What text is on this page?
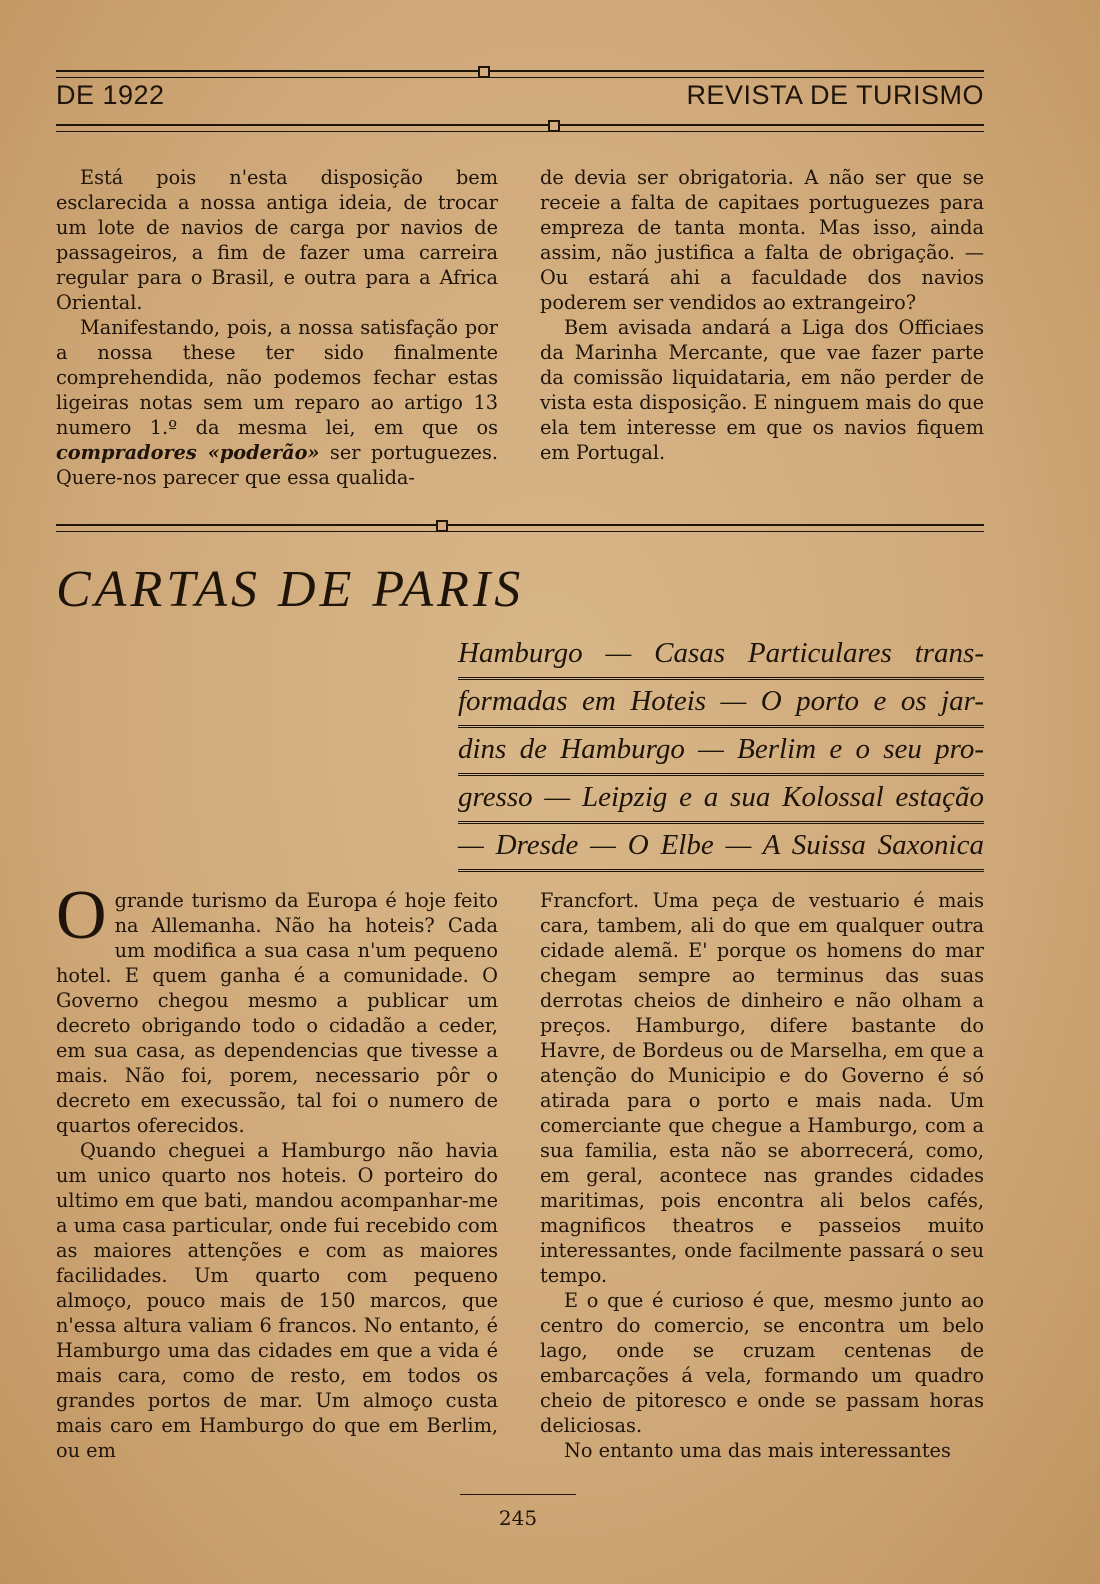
DE 1922	REVISTA DE TURISMO

Está pois n'esta disposição bem esclarecida a nossa antiga ideia, de trocar um lote de navios de carga por navios de passageiros, a fim de fazer uma carreira regular para o Brasil, e outra para a Africa Oriental.

Manifestando, pois, a nossa satisfação por a nossa these ter sido finalmente comprehendida, não podemos fechar estas ligeiras notas sem um reparo ao artigo 13 numero 1.º da mesma lei, em que os compradores «poderão» ser portuguezes. Quere-nos parecer que essa qualida-

de devia ser obrigatoria. A não ser que se receie a falta de capitaes portuguezes para empreza de tanta monta. Mas isso, ainda assim, não justifica a falta de obrigação. — Ou estará ahi a faculdade dos navios poderem ser vendidos ao extrangeiro?

Bem avisada andará a Liga dos Officiaes da Marinha Mercante, que vae fazer parte da comissão liquidataria, em não perder de vista esta disposição. E ninguem mais do que ela tem interesse em que os navios fiquem em Portugal.

CARTAS DE PARIS
Hamburgo — Casas Particulares trans-
formadas em Hoteis — O porto e os jar-
dins de Hamburgo — Berlim e o seu pro-
gresso — Leipzig e a sua Kolossal estação
— Dresde — O Elbe — A Suissa Saxonica

O grande turismo da Europa é hoje feito na Allemanha. Não ha hoteis? Cada um modifica a sua casa n'um pequeno hotel. E quem ganha é a comunidade. O Governo chegou mesmo a publicar um decreto obrigando todo o cidadão a ceder, em sua casa, as dependencias que tivesse a mais. Não foi, porem, necessario pôr o decreto em execussão, tal foi o numero de quartos oferecidos.

Quando cheguei a Hamburgo não havia um unico quarto nos hoteis. O porteiro do ultimo em que bati, mandou acompanhar-me a uma casa particular, onde fui recebido com as maiores attenções e com as maiores facilidades. Um quarto com pequeno almoço, pouco mais de 150 marcos, que n'essa altura valiam 6 francos. No entanto, é Hamburgo uma das cidades em que a vida é mais cara, como de resto, em todos os grandes portos de mar. Um almoço custa mais caro em Hamburgo do que em Berlim, ou em

Francfort. Uma peça de vestuario é mais cara, tambem, ali do que em qualquer outra cidade alemã. E' porque os homens do mar chegam sempre ao terminus das suas derrotas cheios de dinheiro e não olham a preços. Hamburgo, difere bastante do Havre, de Bordeus ou de Marselha, em que a atenção do Municipio e do Governo é só atirada para o porto e mais nada. Um comerciante que chegue a Hamburgo, com a sua familia, esta não se aborrecerá, como, em geral, acontece nas grandes cidades maritimas, pois encontra ali belos cafés, magnificos theatros e passeios muito interessantes, onde facilmente passará o seu tempo.

E o que é curioso é que, mesmo junto ao centro do comercio, se encontra um belo lago, onde se cruzam centenas de embarcações á vela, formando um quadro cheio de pitoresco e onde se passam horas deliciosas.

No entanto uma das mais interessantes

245
